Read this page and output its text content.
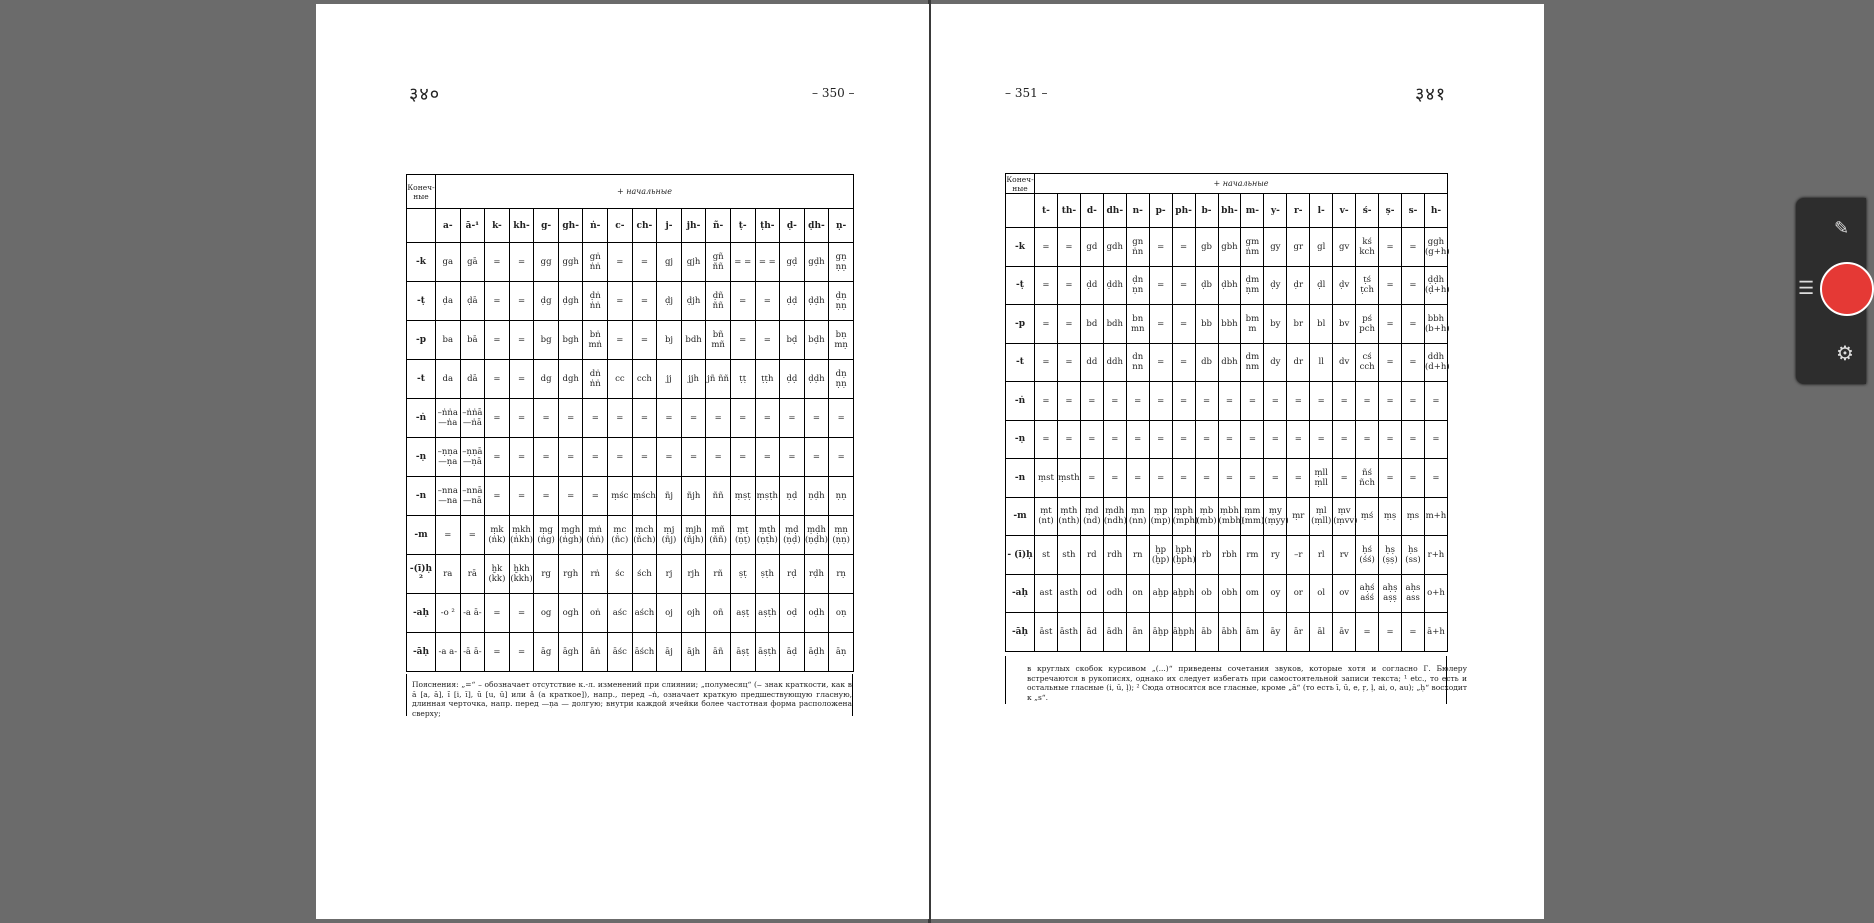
३४०	– 350 –
Конеч- ные	+ начальные																
	a-	ā-¹	k-	kh-	g-	gh-	ṅ-	c-	ch-	j-	jh-	ñ-	ṭ-	ṭh-	ḍ-	ḍh-	ṇ-
-k	ga	gā	=	=	gg	ggh	gṅ ṅṅ	=	=	gj	gjh	gñ ññ	= =	= =	gḍ	gḍh	gṇ ṇṇ
-ṭ	ḍa	ḍā	=	=	ḍg	ḍgh	ḍṅ ṅṅ	=	=	ḍj	ḍjh	ḍñ ññ	=	=	ḍḍ	ḍḍh	ḍṇ ṇṇ
-p	ba	bā	=	=	bg	bgh	bṅ mṅ	=	=	bj	bdh	bñ mñ	=	=	bḍ	bḍh	bṇ mṇ
-t	da	dā	=	=	dg	dgh	dṅ ṅṅ	cc	cch	jj	jjh	jñ ññ	ṭṭ	ṭṭh	ḍḍ	ḍḍh	dṇ ṇṇ
-ṅ	–ṅṅa —ṅa	–ṅṅā —ṅā	=	=	=	=	=	=	=	=	=	=	=	=	=	=	=
-ṇ	–ṇṇa —ṇa	–ṇṇā —ṇā	=	=	=	=	=	=	=	=	=	=	=	=	=	=	=
-n	–nna —na	–nnā —nā	=	=	=	=	=	ṃśc	ṃśch	ñj	ñjh	ññ	ṃṣṭ	ṃṣṭh	ṇḍ	ṇḍh	ṇṇ
-m	=	=	ṃk (ṅk)	ṃkh (ṅkh)	ṃg (ṅg)	ṃgh (ṅgh)	ṃṅ (ṅṅ)	ṃc (ñc)	ṃch (ñch)	ṃj (ñj)	ṃjh (ñjh)	ṃñ (ññ)	ṃṭ (ṇṭ)	ṃṭh (ṇṭh)	ṃḍ (ṇḍ)	ṃḍh (ṇḍh)	ṃṇ (ṇṇ)
-(ī)ḥ ²	ra	rā	ḫk (kk)	ḫkh (kkh)	rg	rgh	rṅ	śc	śch	rj	rjh	rñ	ṣṭ	ṣṭh	rḍ	rḍh	rṇ
-aḥ	-o ²	-a ā-	=	=	og	ogh	oṅ	aśc	aśch	oj	ojh	oñ	aṣṭ	aṣṭh	oḍ	oḍh	oṇ
-āḥ	-a a-	-ā ā-	=	=	āg	āgh	āṅ	āśc	āśch	āj	ājh	āñ	āṣṭ	āṣṭh	āḍ	āḍh	āṇ
Пояснения: „=“ – обозначает отсутствие к.-л. изменений при слиянии; „полумесяц“ (⌣ знак краткости, как в ă [а, ā], ĭ [i, ī], ŭ [u, ū] или ǎ (а краткое]), напр., перед –ṅ, означает краткую предшествующую гласную, длинная черточка, напр. перед —ṇa — долгую; внутри каждой ячейки более частотная форма расположена сверху;
३४१
– 351 –
Конеч- ные	+ начальные																	
	t-	th-	d-	dh-	n-	p-	ph-	b-	bh-	m-	y-	r-	l-	v-	ś-	ṣ-	s-	h-
-k	=	=	gd	gdh	gn ṅn	=	=	gb	gbh	gm ṅm	gy	gr	gl	gv	kś kch	=	=	ggh (g+h)
-ṭ	=	=	ḍd	ḍdh	ḍn ṇn	=	=	ḍb	ḍbh	ḍm ṇm	ḍy	ḍr	ḍl	ḍv	ṭś ṭch	=	=	ḍḍh (ḍ+h)
-p	=	=	bd	bdh	bn mn	=	=	bb	bbh	bm m	by	br	bl	bv	pś pch	=	=	bbh (b+h)
-t	=	=	dd	ddh	dn nn	=	=	db	dbh	dm nm	dy	dr	ll	dv	cś cch	=	=	ddh (d+h)
-ṅ	=	=	=	=	=	=	=	=	=	=	=	=	=	=	=	=	=	=
-ṇ	=	=	=	=	=	=	=	=	=	=	=	=	=	=	=	=	=	=
-n	ṃst	ṃsth	=	=	=	=	=	=	=	=	=	=	ṃll ṃll	=	ñś ñch	=	=	=
-m	ṃt (nt)	ṃth (nth)	ṃd (nd)	ṃdh (ndh)	ṃn (nn)	ṃp (mp)	ṃph (mph)	ṃb (mb)	ṃbh (mbh)	ṃm (mm)	ṃy (ṃyy)	ṃr	ṃl (ṃll)	ṃv (ṃvv)	ṃś	ṃṣ	ṃs	m+h
- (ī)ḥ	st	sth	rd	rdh	rn	ḫp (ḫp)	ḫph (ḫph)	rb	rbh	rm	ry	–r	rl	rv	ḥś (śś)	ḥṣ (ṣṣ)	ḥs (ss)	r+h
-aḥ	ast	asth	od	odh	on	aḫp	aḫph	ob	obh	om	oy	or	ol	ov	aḥś aśś	aḥṣ aṣṣ	aḥs ass	o+h
-āḥ	āst	āsth	ād	ādh	ān	āḫp	āḫph	āb	ābh	ām	āy	ār	āl	āv	=	=	=	ā+h
в круглых скобок курсивом „(...)“ приведены сочетания звуков, которые хотя и согласно Г. Бюлеру встречаются в рукописях, однако их следует избегать при самостоятельной записи текста; ¹ etc., то есть и остальные гласные (i, ū, ḷ); ² Сюда относятся все гласные, кроме „ā“ (то есть ī, ū, e, ṛ, ḷ, ai, o, au); „ḥ“ восходит к „s“.
✎
☰
⚙
